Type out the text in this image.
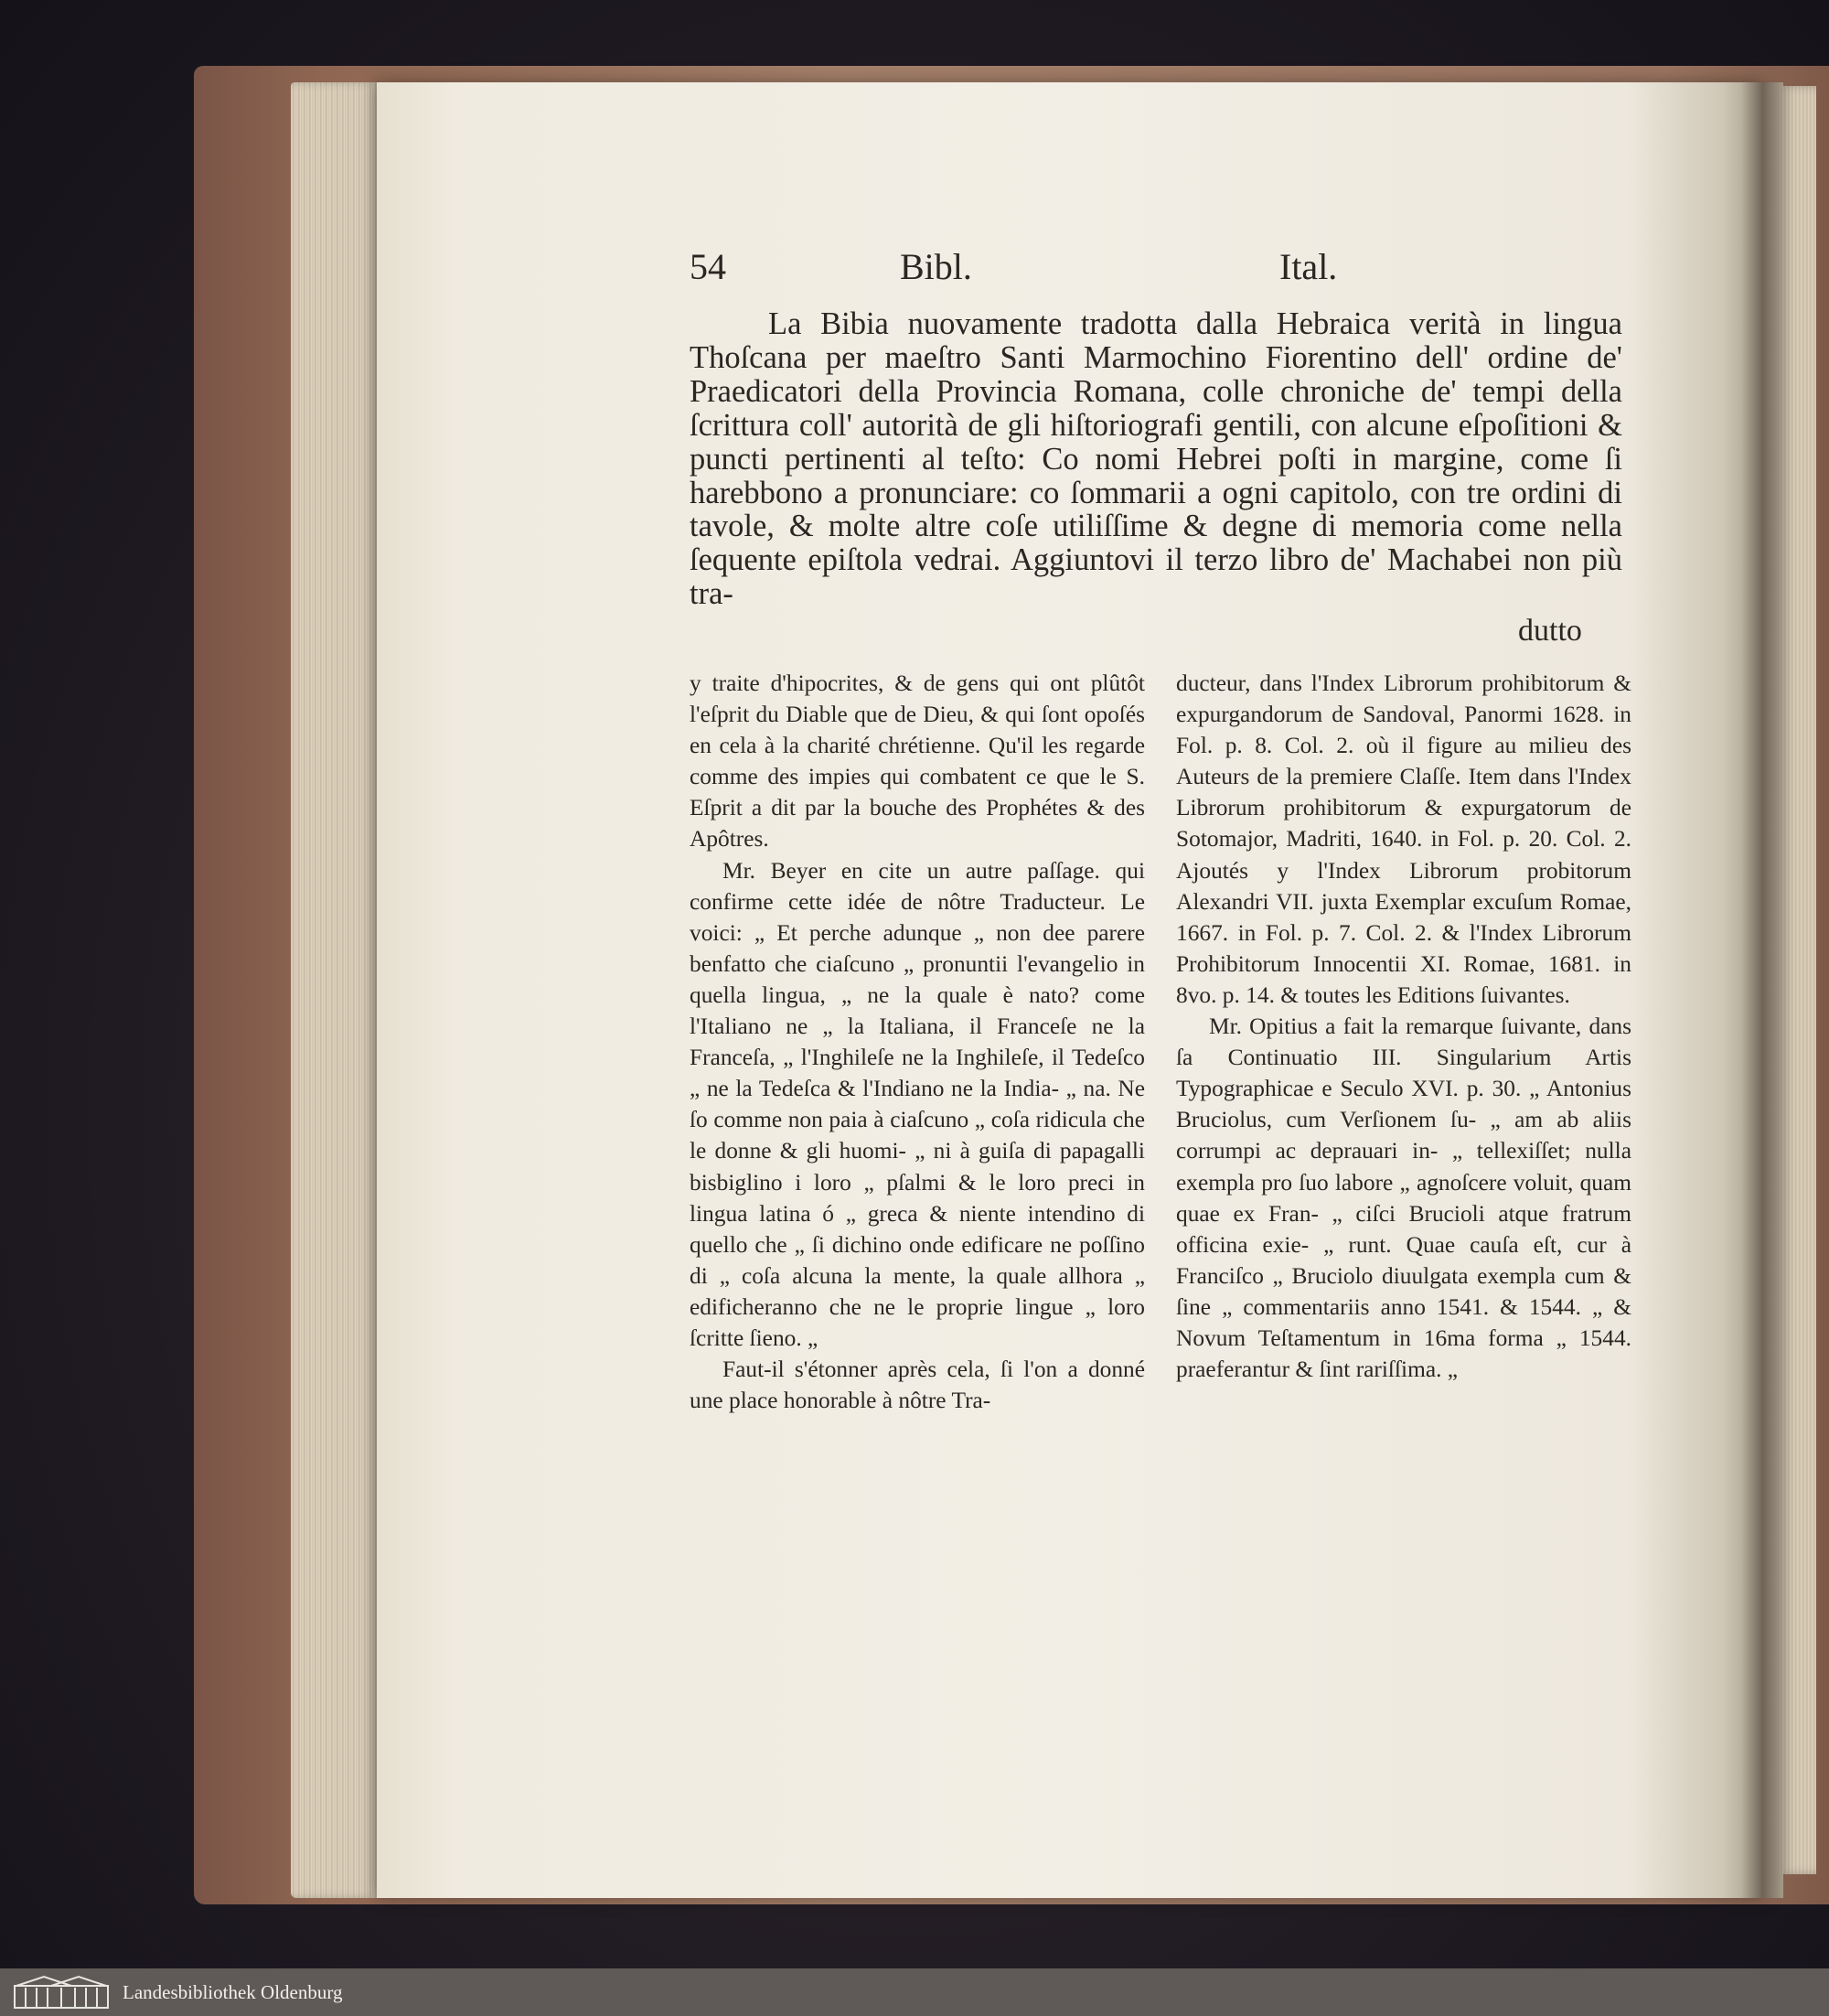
54	Bibl.	Ital.
La Bibia nuovamente tradotta dalla Hebraica verità in lingua Thoſcana per maeſtro Santi Marmochino Fiorentino dell' ordine de' Praedicatori della Provincia Romana, colle chroniche de' tempi della ſcrittura coll' autorità de gli hiſtoriografi gentili, con alcune eſpoſitioni & puncti pertinenti al teſto: Co nomi Hebrei poſti in margine, come ſi harebbono a pronunciare: co ſommarii a ogni capitolo, con tre ordini di tavole, & molte altre coſe utiliſſime & degne di memoria come nella ſequente epiſtola vedrai. Aggiuntovi il terzo libro de' Machabei non più tra-
dutto

y traite d'hipocrites, & de gens qui ont plûtôt l'eſprit du Diable que de Dieu, & qui ſont opoſés en cela à la charité chrétienne. Qu'il les regarde comme des impies qui combatent ce que le S. Eſprit a dit par la bouche des Prophétes & des Apôtres.

Mr. Beyer en cite un autre paſſage. qui confirme cette idée de nôtre Traducteur. Le voici: „ Et perche adunque „ non dee parere benfatto che ciaſcuno „ pronuntii l'evangelio in quella lingua, „ ne la quale è nato? come l'Italiano ne „ la Italiana, il Franceſe ne la Franceſa, „ l'Inghileſe ne la Inghileſe, il Tedeſco „ ne la Tedeſca & l'Indiano ne la India- „ na. Ne ſo comme non paia à ciaſcuno „ coſa ridicula che le donne & gli huomi- „ ni à guiſa di papagalli bisbiglino i loro „ pſalmi & le loro preci in lingua latina ó „ greca & niente intendino di quello che „ ſi dichino onde edificare ne poſſino di „ coſa alcuna la mente, la quale allhora „ edificheranno che ne le proprie lingue „ loro ſcritte ſieno. „

Faut-il s'étonner après cela, ſi l'on a donné une place honorable à nôtre Tra-

ducteur, dans l'Index Librorum prohibitorum & expurgandorum de Sandoval, Panormi 1628. in Fol. p. 8. Col. 2. où il figure au milieu des Auteurs de la premiere Claſſe. Item dans l'Index Librorum prohibitorum & expurgatorum de Sotomajor, Madriti, 1640. in Fol. p. 20. Col. 2. Ajoutés y l'Index Librorum probitorum Alexandri VII. juxta Exemplar excuſum Romae, 1667. in Fol. p. 7. Col. 2. & l'Index Librorum Prohibitorum Innocentii XI. Romae, 1681. in 8vo. p. 14. & toutes les Editions ſuivantes.

Mr. Opitius a fait la remarque ſuivante, dans ſa Continuatio III. Singularium Artis Typographicae e Seculo XVI. p. 30. „ Antonius Bruciolus, cum Verſionem ſu- „ am ab aliis corrumpi ac deprauari in- „ tellexiſſet; nulla exempla pro ſuo labore „ agnoſcere voluit, quam quae ex Fran- „ ciſci Brucioli atque fratrum officina exie- „ runt. Quae cauſa eſt, cur à Franciſco „ Bruciolo diuulgata exempla cum & ſine „ commentariis anno 1541. & 1544. „ & Novum Teſtamentum in 16ma forma „ 1544. praeferantur & ſint rariſſima. „

Landesbibliothek Oldenburg
